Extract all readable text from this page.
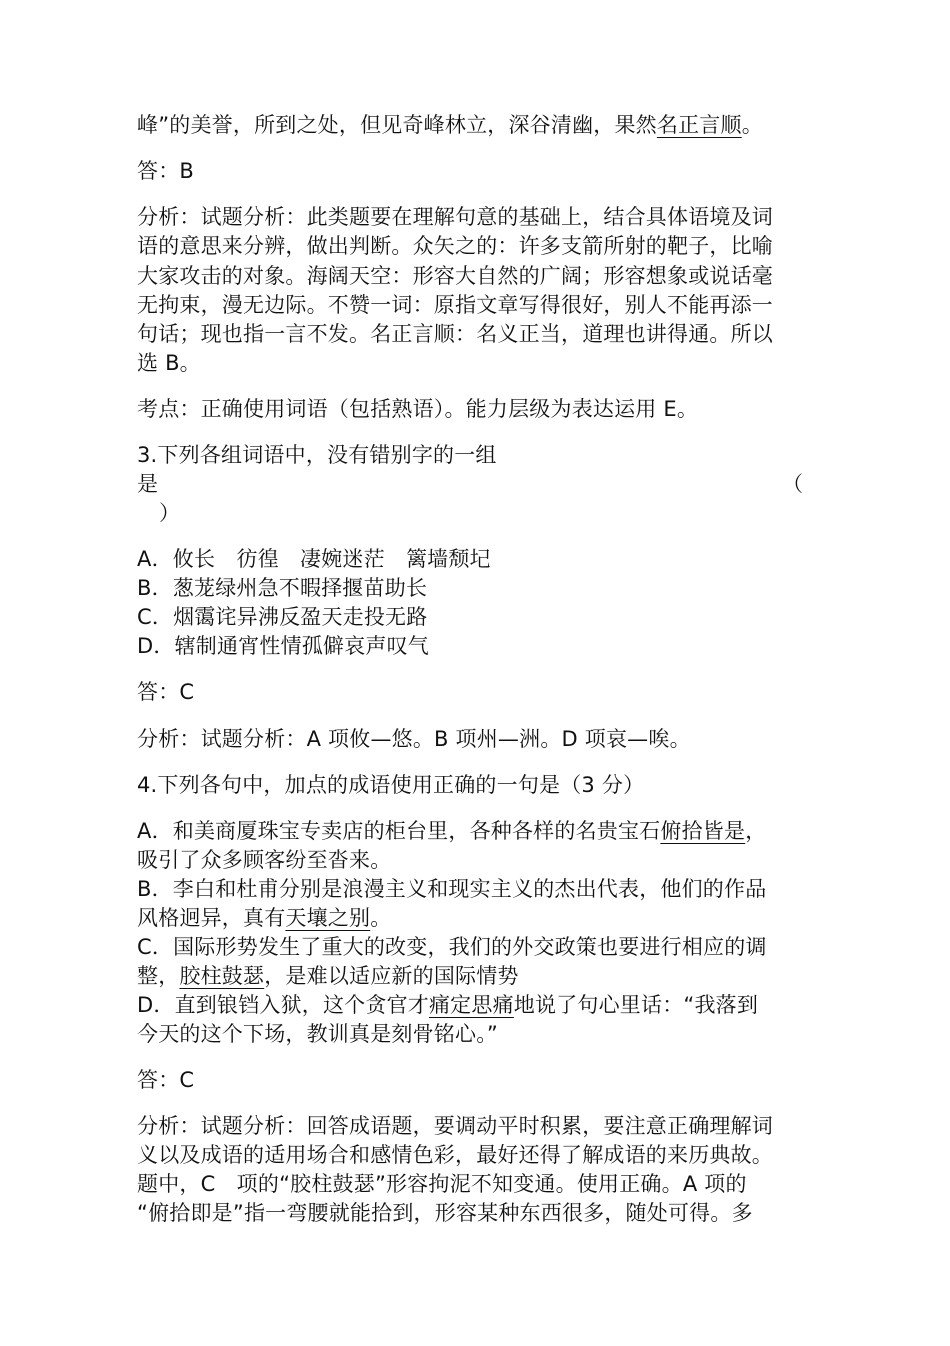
峰”的美誉，所到之处，但见奇峰林立，深谷清幽，果然名正言顺。
答：B
分析：试题分析：此类题要在理解句意的基础上，结合具体语境及词
语的意思来分辨，做出判断。众矢之的：许多支箭所射的靶子，比喻
大家攻击的对象。海阔天空：形容大自然的广阔；形容想象或说话毫
无拘束，漫无边际。不赞一词：原指文章写得很好，别人不能再添一
句话；现也指一言不发。名正言顺：名义正当，道理也讲得通。所以
选 B。
考点：正确使用词语（包括熟语）。能力层级为表达运用 E。
3.下列各组词语中，没有错别字的一组
是	（
）
A．攸长　彷徨　凄婉迷茫　篱墙颓圮
B．葱茏绿州急不暇择揠苗助长
C．烟霭诧异沸反盈天走投无路
D．辖制通宵性情孤僻哀声叹气
答：C
分析：试题分析：A 项攸—悠。B 项州—洲。D 项哀—唉。
4.下列各句中，加点的成语使用正确的一句是（3 分）
A．和美商厦珠宝专卖店的柜台里，各种各样的名贵宝石俯拾皆是，
吸引了众多顾客纷至沓来。
B．李白和杜甫分别是浪漫主义和现实主义的杰出代表，他们的作品
风格迥异，真有天壤之别。
C．国际形势发生了重大的改变，我们的外交政策也要进行相应的调
整，胶柱鼓瑟，是难以适应新的国际情势
D．直到锒铛入狱，这个贪官才痛定思痛地说了句心里话：“我落到
今天的这个下场，教训真是刻骨铭心。”
答：C
分析：试题分析：回答成语题，要调动平时积累，要注意正确理解词
义以及成语的适用场合和感情色彩，最好还得了解成语的来历典故。
题中，C　项的“胶柱鼓瑟”形容拘泥不知变通。使用正确。A 项的
“俯拾即是”指一弯腰就能拾到，形容某种东西很多，随处可得。多
